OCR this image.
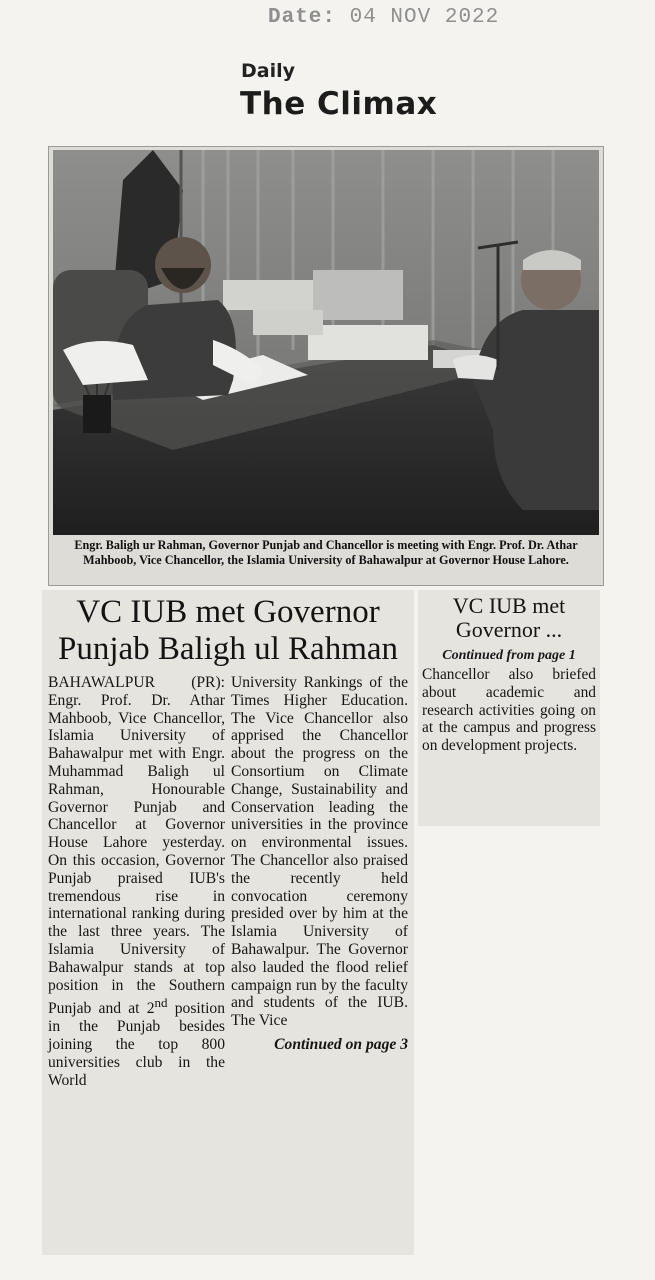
Date: 04 NOV 2022
Daily
The Climax
Engr. Baligh ur Rahman, Governor Punjab and Chancellor is meeting with Engr. Prof. Dr. Athar Mahboob, Vice Chancellor, the Islamia University of Bahawalpur at Governor House Lahore.
VC IUB met Governor Punjab Baligh ul Rahman
BAHAWALPUR (PR): Engr. Prof. Dr. Athar Mahboob, Vice Chancellor, Islamia University of Bahawalpur met with Engr. Muhammad Baligh ul Rahman, Honourable Governor Punjab and Chancellor at Governor House Lahore yesterday. On this occasion, Governor Punjab praised IUB's tremendous rise in international ranking during the last three years. The Islamia University of Bahawalpur stands at top position in the Southern Punjab and at 2nd position in the Punjab besides joining the top 800 universities club in the World
University Rankings of the Times Higher Education. The Vice Chancellor also apprised the Chancellor about the progress on the Consortium on Climate Change, Sustainability and Conservation leading the universities in the province on environmental issues. The Chancellor also praised the recently held convocation ceremony presided over by him at the Islamia University of Bahawalpur. The Governor also lauded the flood relief campaign run by the faculty and students of the IUB. The Vice
Continued on page 3
VC IUB met Governor ...
Continued from page 1
Chancellor also briefed about academic and research activities going on at the campus and progress on development projects.
